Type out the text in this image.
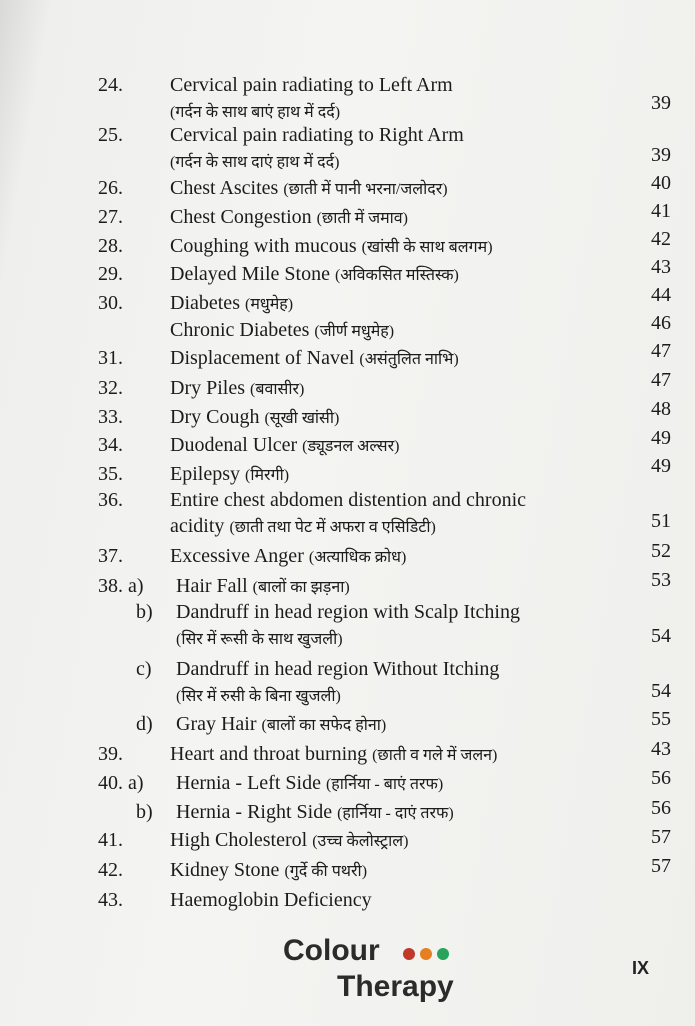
24. Cervical pain radiating to Left Arm
(गर्दन के साथ बाएं हाथ में दर्द)	39
25. Cervical pain radiating to Right Arm
(गर्दन के साथ दाएं हाथ में दर्द)	39
26. Chest Ascites (छाती में पानी भरना/जलोदर)	40
27. Chest Congestion (छाती में जमाव)	41
28. Coughing with mucous (खांसी के साथ बलगम)	42
29. Delayed Mile Stone (अविकसित मस्तिस्क)	43
30. Diabetes (मधुमेह)	44
Chronic Diabetes (जीर्ण मधुमेह)	46
31. Displacement of Navel (असंतुलित नाभि)	47
32. Dry Piles (बवासीर)	47
33. Dry Cough (सूखी खांसी)	48
34. Duodenal Ulcer (ड्यूडनल अल्सर)	49
35. Epilepsy (मिरगी)	49
36. Entire chest abdomen distention and chronic
acidity (छाती तथा पेट में अफरा व एसिडिटी)	51
37. Excessive Anger (अत्याधिक क्रोध)	52
38. a) Hair Fall (बालों का झड़ना)	53
b) Dandruff in head region with Scalp Itching
(सिर में रूसी के साथ खुजली)	54
c) Dandruff in head region Without Itching
(सिर में रुसी के बिना खुजली)	54
d) Gray Hair (बालों का सफेद होना)	55
39. Heart and throat burning (छाती व गले में जलन)	43
40. a) Hernia - Left Side (हार्निया - बाएं तरफ)	56
b) Hernia - Right Side (हार्निया - दाएं तरफ)	56
41. High Cholesterol (उच्च केलोस्ट्राल)	57
42. Kidney Stone (गुर्दे की पथरी)	57
43. Haemoglobin Deficiency
Colour
Therapy
IX
